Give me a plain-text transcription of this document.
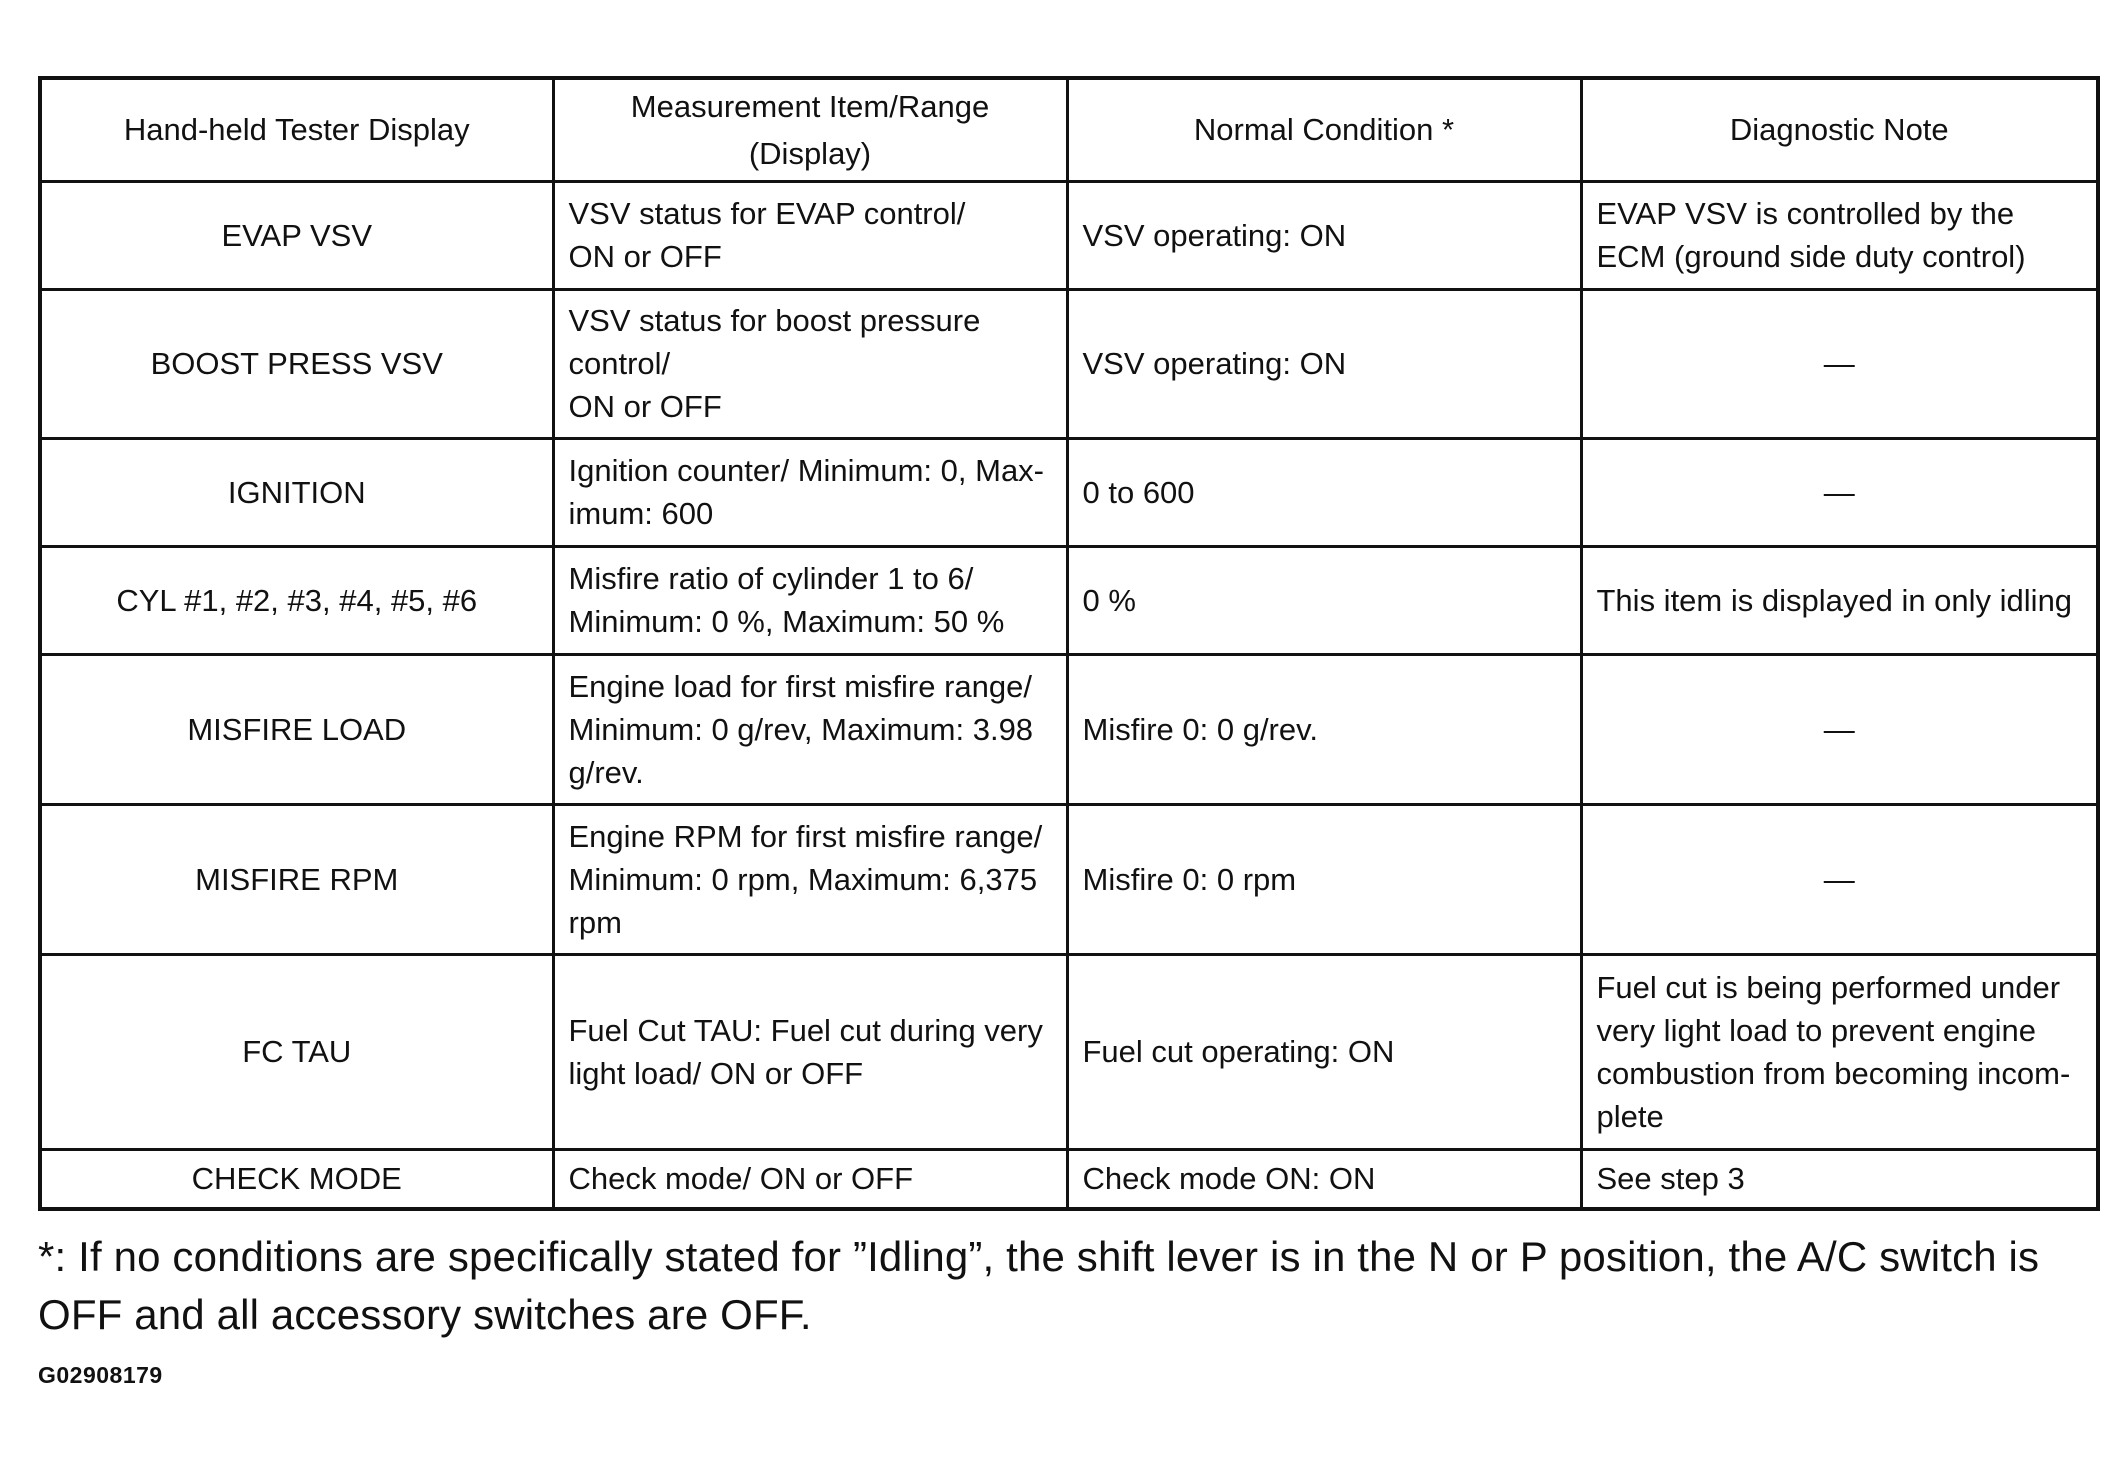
Hand-held Tester Display	Measurement Item/Range
(Display)	Normal Condition *	Diagnostic Note

EVAP VSV	VSV status for EVAP control/
ON or OFF	VSV operating: ON	EVAP VSV is controlled by the
ECM (ground side duty control)

BOOST PRESS VSV	VSV status for boost pressure
control/
ON or OFF	VSV operating: ON	—

IGNITION	Ignition counter/ Minimum: 0, Max-
imum: 600	0 to 600	—

CYL #1, #2, #3, #4, #5, #6	Misfire ratio of cylinder 1 to 6/
Minimum: 0 %, Maximum: 50 %	0 %	This item is displayed in only idling

MISFIRE LOAD	Engine load for first misfire range/
Minimum: 0 g/rev, Maximum: 3.98
g/rev.	Misfire 0: 0 g/rev.	—

MISFIRE RPM	Engine RPM for first misfire range/
Minimum: 0 rpm, Maximum: 6,375
rpm	Misfire 0: 0 rpm	—

FC TAU	Fuel Cut TAU: Fuel cut during very
light load/ ON or OFF	Fuel cut operating: ON	Fuel cut is being performed under
very light load to prevent engine
combustion from becoming incom-
plete

CHECK MODE	Check mode/ ON or OFF	Check mode ON: ON	See step 3
*: If no conditions are specifically stated for ”Idling”, the shift lever is in the N or P position, the A/C switch is OFF and all accessory switches are OFF.
G02908179
